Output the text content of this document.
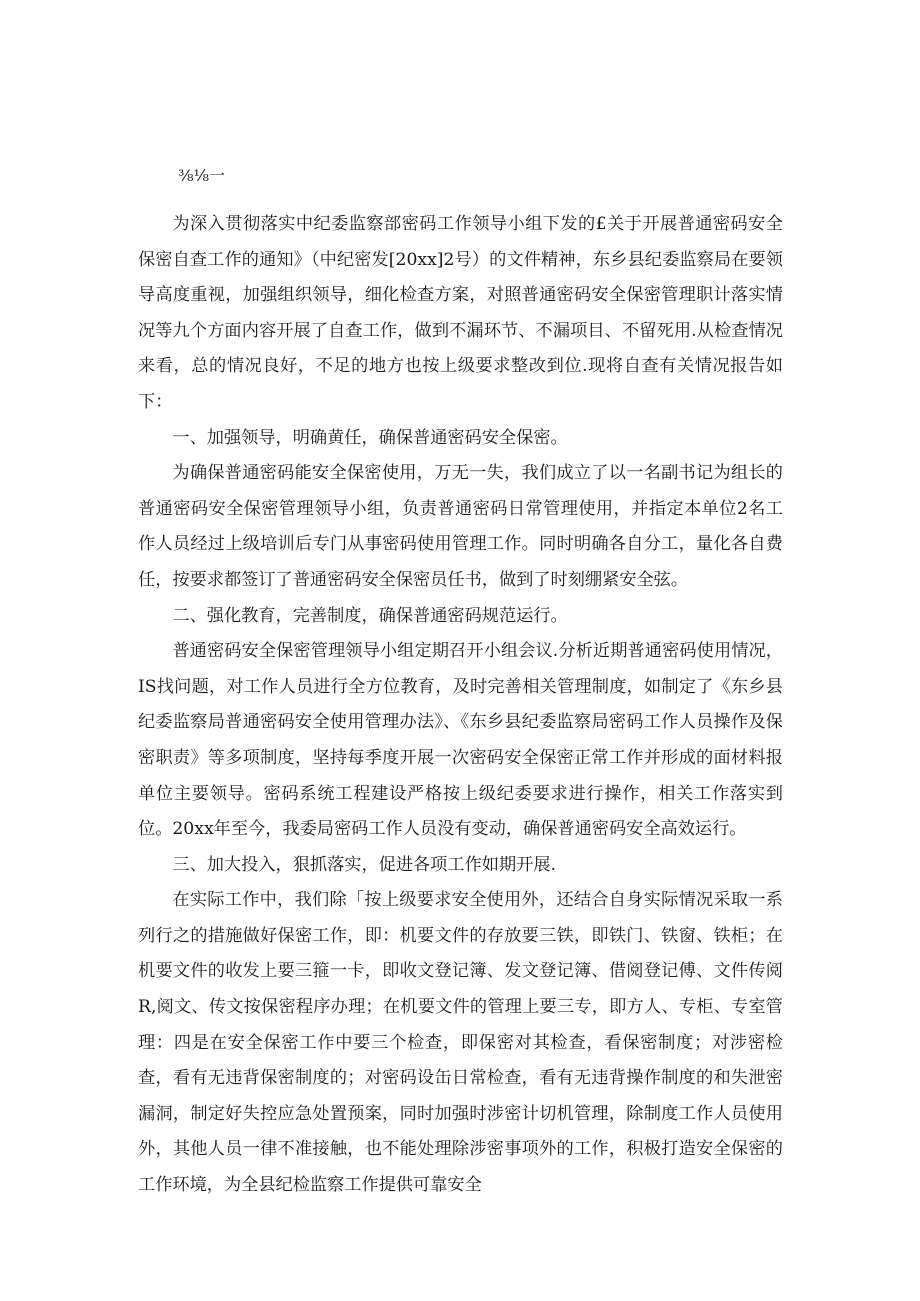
⅜⅛一

为深入贯彻落实中纪委监察部密码工作领导小组下发的£关于开展普通密码安全保密自查工作的通知》（中纪密发[20xx]2号）的文件精神，东乡县纪委监察局在要领导高度重视，加强组织领导，细化检查方案，对照普通密码安全保密管理职计落实情况等九个方面内容开展了自查工作，做到不漏环节、不漏项目、不留死用.从检查情况来看，总的情况良好，不足的地方也按上级要求整改到位.现将自查有关情况报告如下：

一、加强领导，明确黄任，确保普通密码安全保密。

为确保普通密码能安全保密使用，万无一失，我们成立了以一名副书记为组长的普通密码安全保密管理领导小组，负责普通密码日常管理使用，并指定本单位2名工作人员经过上级培训后专门从事密码使用管理工作。同时明确各自分工，量化各自费任，按要求都签订了普通密码安全保密员任书，做到了时刻绷紧安全弦。

二、强化教育，完善制度，确保普通密码规范运行。

普通密码安全保密管理领导小组定期召开小组会议.分析近期普通密码使用情况，IS找问题，对工作人员进行全方位教育，及时完善相关管理制度，如制定了《东乡县纪委监察局普通密码安全使用管理办法》、《东乡县纪委监察局密码工作人员操作及保密职责》等多项制度，坚持每季度开展一次密码安全保密正常工作并形成的面材料报单位主要领导。密码系统工程建设严格按上级纪委要求进行操作，相关工作落实到位。20xx年至今，我委局密码工作人员没有变动，确保普通密码安全高效运行。

三、加大投入，狠抓落实，促进各项工作如期开展.

在实际工作中，我们除「按上级要求安全使用外，还结合自身实际情况采取一系列行之的措施做好保密工作，即：机要文件的存放要三铁，即铁门、铁窗、铁柜；在机要文件的收发上要三箍一卡，即收文登记簿、发文登记簿、借阅登记傅、文件传阅R,阅文、传文按保密程序办理；在机要文件的管理上要三专，即方人、专柜、专室管理：四是在安全保密工作中要三个检查，即保密对其检查，看保密制度；对涉密检查，看有无违背保密制度的；对密码设缶日常检查，看有无违背操作制度的和失泄密漏洞，制定好失控应急处置预案，同时加强时涉密计切机管理，除制度工作人员使用外，其他人员一律不准接触，也不能处理除涉密事项外的工作，积极打造安全保密的工作环境，为全县纪检监察工作提供可靠安全
